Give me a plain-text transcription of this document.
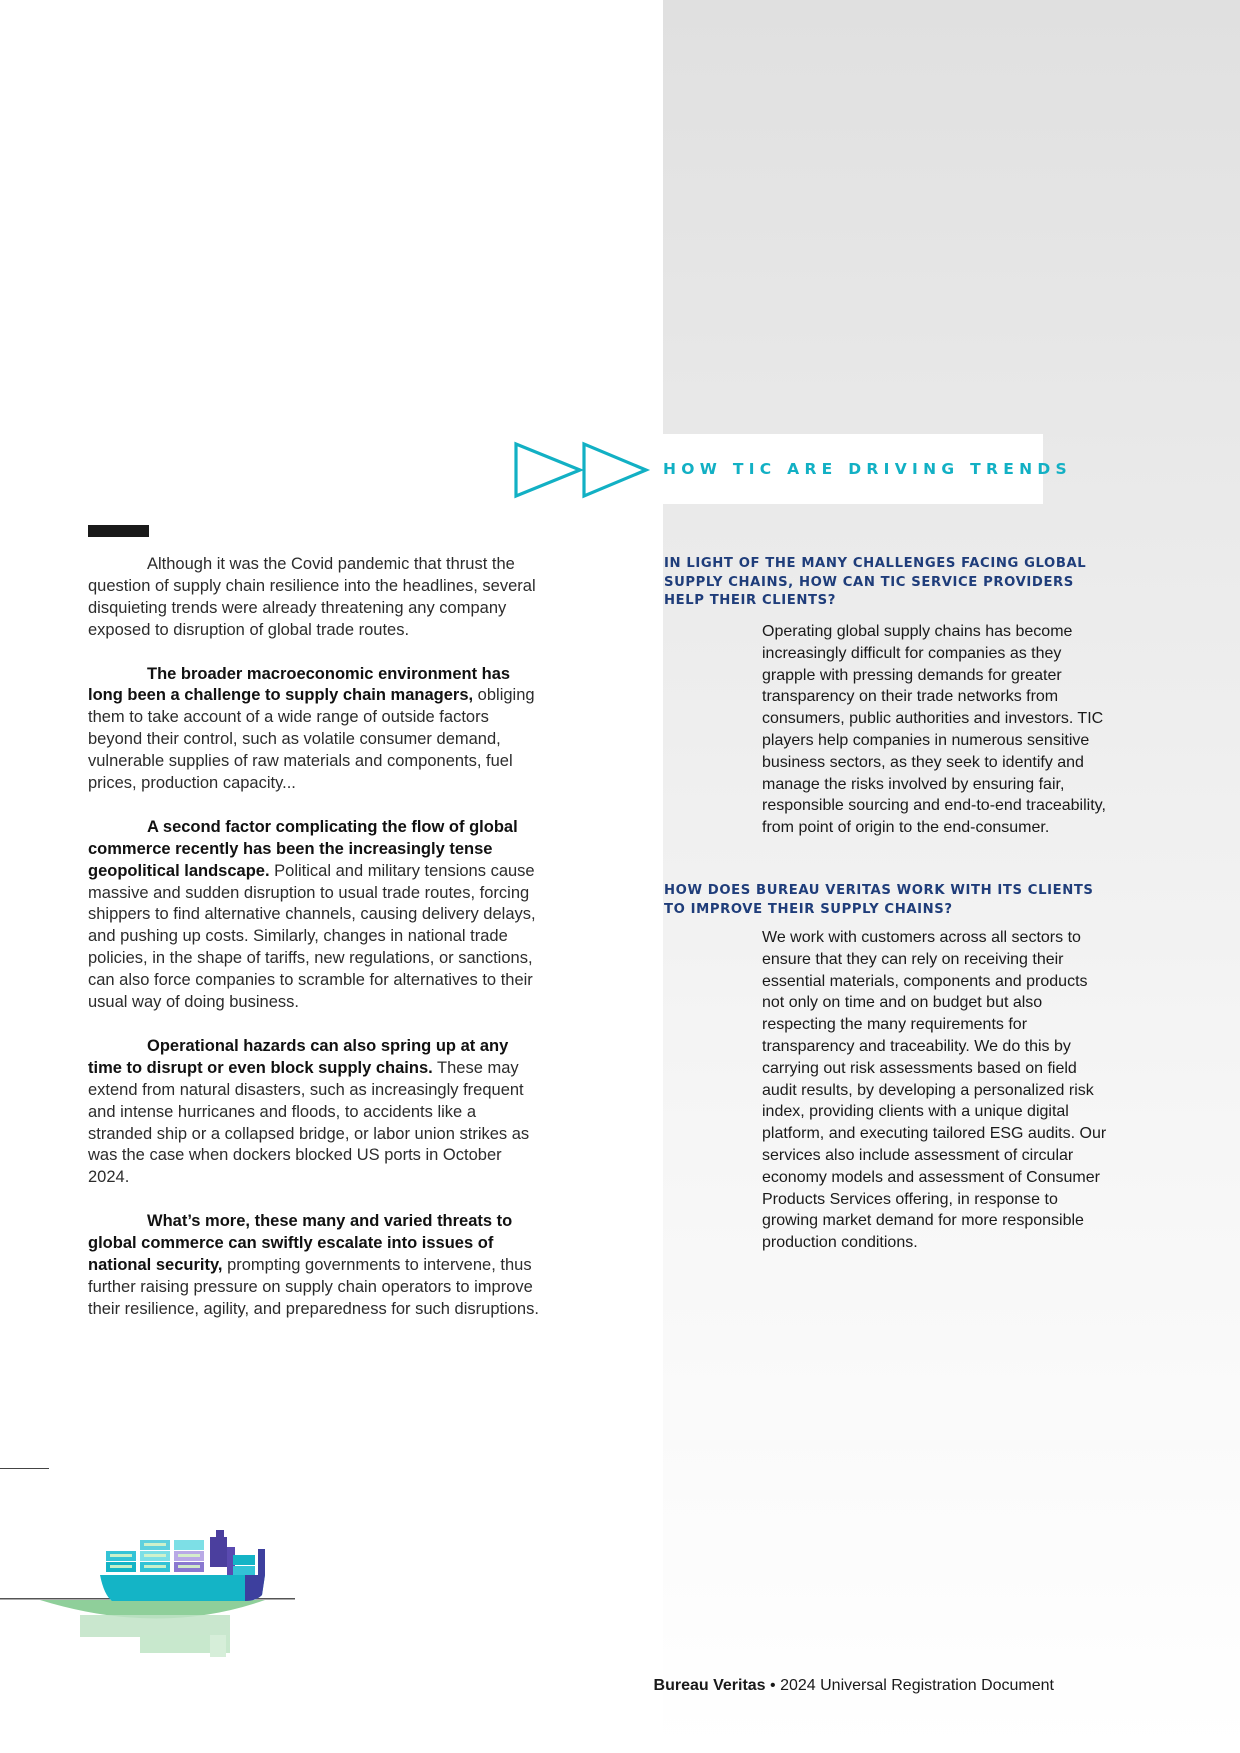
HOW TIC ARE DRIVING TRENDS

Although it was the Covid pandemic that thrust the question of supply chain resilience into the headlines, several disquieting trends were already threatening any company exposed to disruption of global trade routes.

The broader macroeconomic environment has long been a challenge to supply chain managers, obliging them to take account of a wide range of outside factors beyond their control, such as volatile consumer demand, vulnerable supplies of raw materials and components, fuel prices, production capacity...

A second factor complicating the flow of global commerce recently has been the increasingly tense geopolitical landscape. Political and military tensions cause massive and sudden disruption to usual trade routes, forcing shippers to find alternative channels, causing delivery delays, and pushing up costs. Similarly, changes in national trade policies, in the shape of tariffs, new regulations, or sanctions, can also force companies to scramble for alternatives to their usual way of doing business.

Operational hazards can also spring up at any time to disrupt or even block supply chains. These may extend from natural disasters, such as increasingly frequent and intense hurricanes and floods, to accidents like a stranded ship or a collapsed bridge, or labor union strikes as was the case when dockers blocked US ports in October 2024.

What’s more, these many and varied threats to global commerce can swiftly escalate into issues of national security, prompting governments to intervene, thus further raising pressure on supply chain operators to improve their resilience, agility, and preparedness for such disruptions.

IN LIGHT OF THE MANY CHALLENGES FACING GLOBAL SUPPLY CHAINS, HOW CAN TIC SERVICE PROVIDERS HELP THEIR CLIENTS?
Operating global supply chains has become increasingly difficult for companies as they grapple with pressing demands for greater transparency on their trade networks from consumers, public authorities and investors. TIC players help companies in numerous sensitive business sectors, as they seek to identify and manage the risks involved by ensuring fair, responsible sourcing and end-to-end traceability, from point of origin to the end-consumer.
HOW DOES BUREAU VERITAS WORK WITH ITS CLIENTS TO IMPROVE THEIR SUPPLY CHAINS?
We work with customers across all sectors to ensure that they can rely on receiving their essential materials, components and products not only on time and on budget but also respecting the many requirements for transparency and traceability. We do this by carrying out risk assessments based on field audit results, by developing a personalized risk index, providing clients with a unique digital platform, and executing tailored ESG audits. Our services also include assessment of circular economy models and assessment of Consumer Products Services offering, in response to growing market demand for more responsible production conditions.
Bureau Veritas • 2024 Universal Registration Document
